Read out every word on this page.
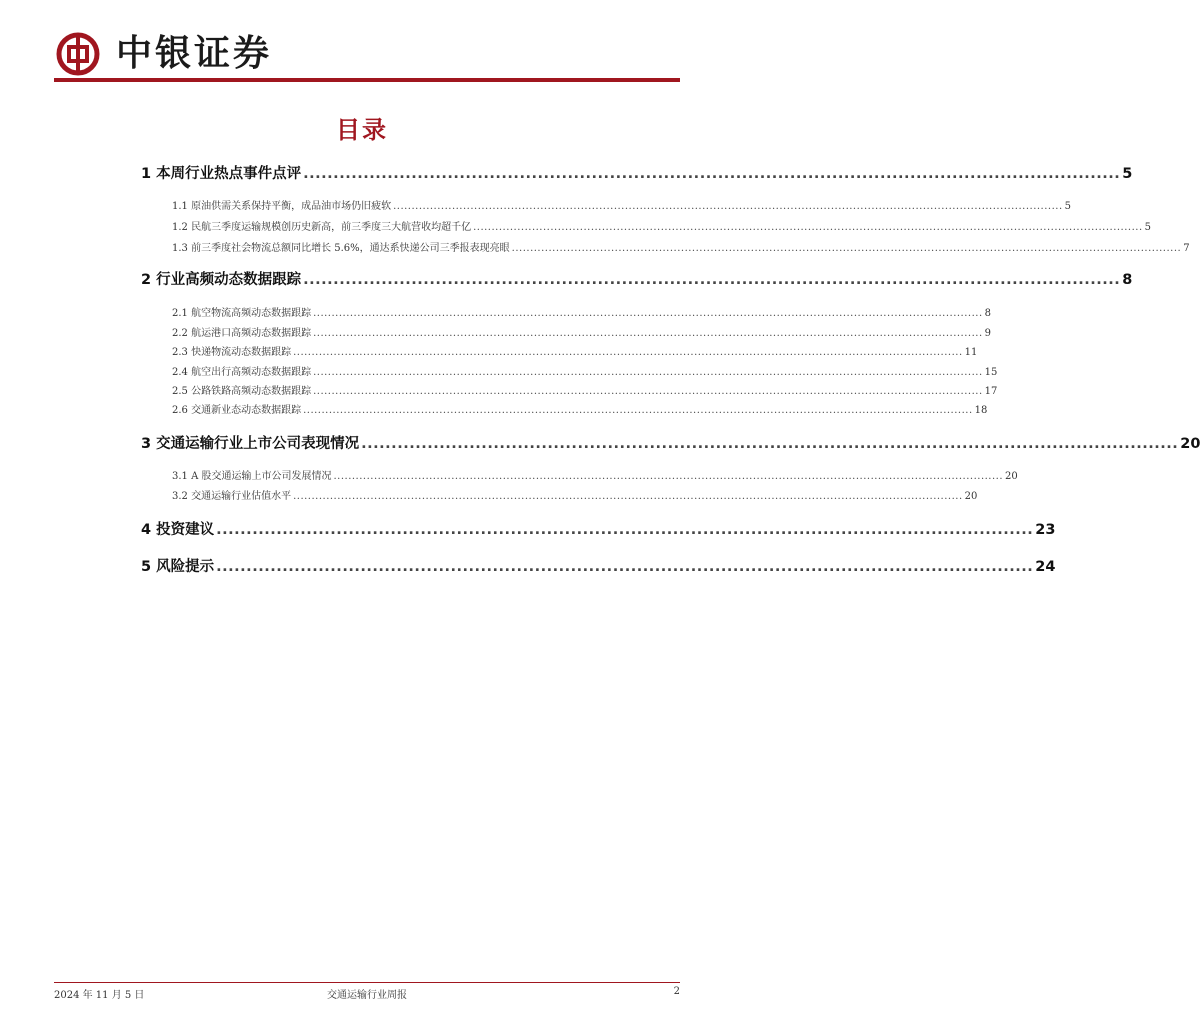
中银证券
目录
1 本周行业热点事件点评 ........................................................................................................................................ 5
1.1 原油供需关系保持平衡，成品油市场仍旧疲软 ...................................................................................................................................................................................... 5
1.2 民航三季度运输规模创历史新高，前三季度三大航营收均超千亿 ...................................................................................................................................................................................... 5
1.3 前三季度社会物流总额同比增长 5.6%，通达系快递公司三季报表现亮眼 ...................................................................................................................................................................................... 7
2 行业高频动态数据跟踪 ........................................................................................................................................ 8
2.1 航空物流高频动态数据跟踪 ...................................................................................................................................................................................... 8
2.2 航运港口高频动态数据跟踪 ...................................................................................................................................................................................... 9
2.3 快递物流动态数据跟踪 ...................................................................................................................................................................................... 11
2.4 航空出行高频动态数据跟踪 ...................................................................................................................................................................................... 15
2.5 公路铁路高频动态数据跟踪 ...................................................................................................................................................................................... 17
2.6 交通新业态动态数据跟踪 ...................................................................................................................................................................................... 18
3 交通运输行业上市公司表现情况 ........................................................................................................................................ 20
3.1 A 股交通运输上市公司发展情况 ...................................................................................................................................................................................... 20
3.2 交通运输行业估值水平 ...................................................................................................................................................................................... 20
4 投资建议 ........................................................................................................................................ 23
5 风险提示 ........................................................................................................................................ 24
2024 年 11 月 5 日	交通运输行业周报	2
